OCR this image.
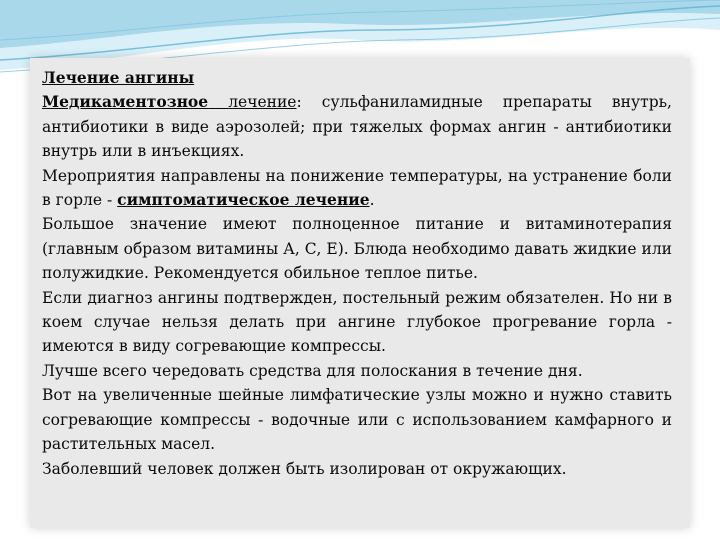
Лечение ангины

Медикаментозное лечение: сульфаниламидные препараты внутрь, антибиотики в виде аэрозолей; при тяжелых формах ангин - антибиотики внутрь или в инъекциях.

Мероприятия направлены на понижение температуры, на устранение боли в горле - симптоматическое лечение.

Большое значение имеют полноценное питание и витаминотерапия (главным образом витамины А, С, Е). Блюда необходимо давать жидкие или полужидкие. Рекомендуется обильное теплое питье.

Если диагноз ангины подтвержден, постельный режим обязателен. Но ни в коем случае нельзя делать при ангине глубокое прогревание горла - имеются в виду согревающие компрессы.

Лучше всего чередовать средства для полоскания в течение дня.

Вот на увеличенные шейные лимфатические узлы можно и нужно ставить согревающие компрессы - водочные или с использованием камфарного и растительных масел.

Заболевший человек должен быть изолирован от окружающих.
